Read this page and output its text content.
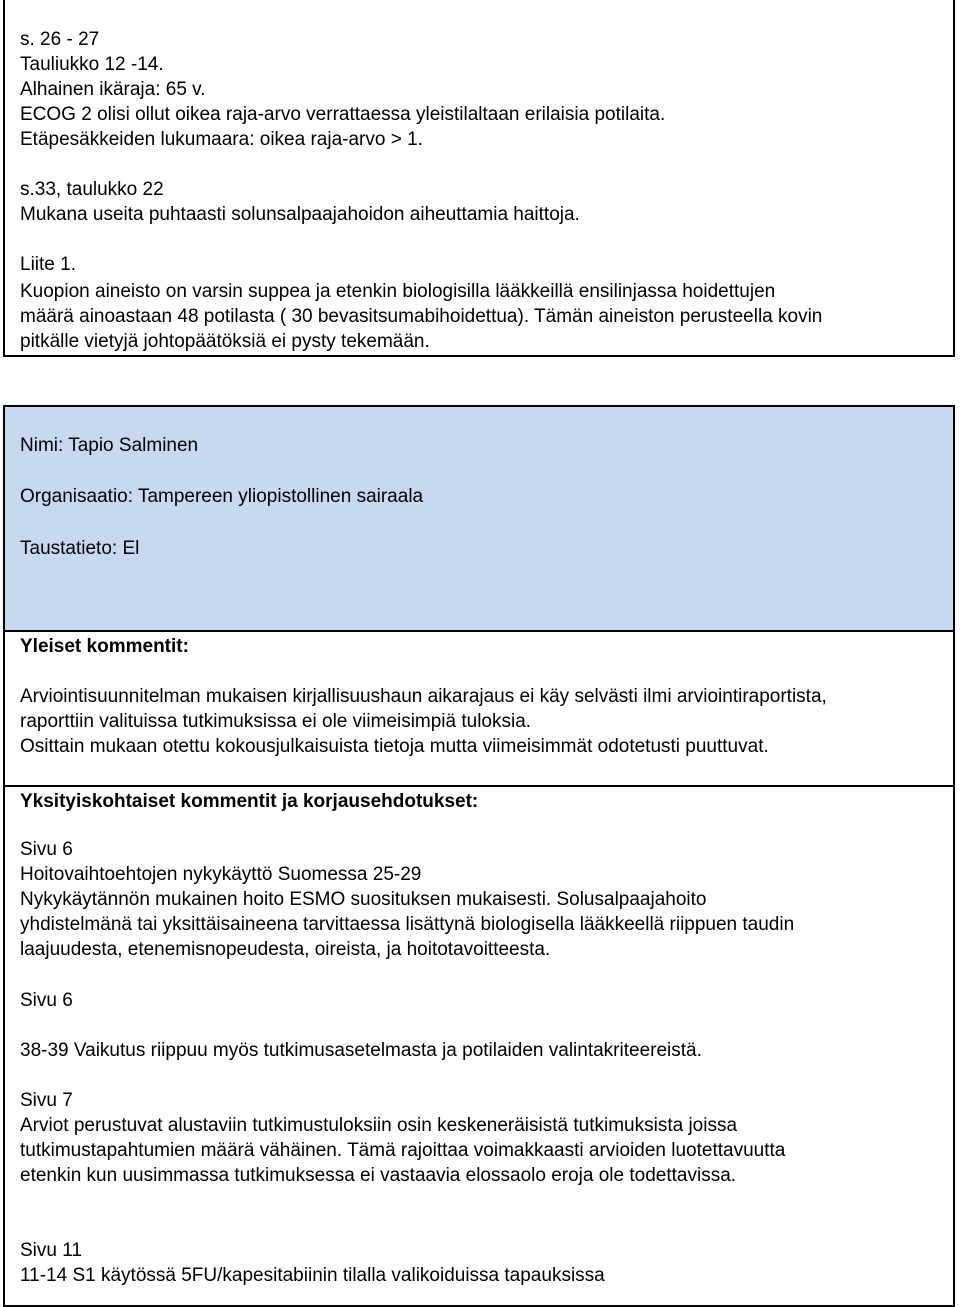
s. 26 - 27
Tauliukko 12 -14.
Alhainen ikäraja: 65 v.
ECOG 2 olisi ollut oikea raja-arvo verrattaessa yleistilaltaan erilaisia potilaita.
Etäpesäkkeiden lukumaara: oikea raja-arvo > 1.
s.33, taulukko 22
Mukana useita puhtaasti solunsalpaajahoidon aiheuttamia haittoja.
Liite 1.
Kuopion aineisto on varsin suppea ja etenkin biologisilla lääkkeillä ensilinjassa hoidettujen
määrä ainoastaan 48 potilasta ( 30 bevasitsumabihoidettua). Tämän aineiston perusteella kovin
pitkälle vietyjä johtopäätöksiä ei pysty tekemään.
Nimi: Tapio Salminen
Organisaatio: Tampereen yliopistollinen sairaala
Taustatieto: El
Yleiset kommentit:
Arviointisuunnitelman mukaisen kirjallisuushaun aikarajaus ei käy selvästi ilmi arviointiraportista,
raporttiin valituissa tutkimuksissa ei ole viimeisimpiä tuloksia.
Osittain mukaan otettu kokousjulkaisuista tietoja mutta viimeisimmät odotetusti puuttuvat.
Yksityiskohtaiset kommentit ja korjausehdotukset:
Sivu 6
Hoitovaihtoehtojen nykykäyttö Suomessa 25-29
Nykykäytännön mukainen hoito ESMO suosituksen mukaisesti. Solusalpaajahoito
yhdistelmänä tai yksittäisaineena tarvittaessa lisättynä biologisella lääkkeellä riippuen taudin
laajuudesta, etenemisnopeudesta, oireista, ja hoitotavoitteesta.
Sivu 6
38-39 Vaikutus riippuu myös tutkimusasetelmasta ja potilaiden valintakriteereistä.
Sivu 7
Arviot perustuvat alustaviin tutkimustuloksiin osin keskeneräisistä tutkimuksista joissa
tutkimustapahtumien määrä vähäinen. Tämä rajoittaa voimakkaasti arvioiden luotettavuutta
etenkin kun uusimmassa tutkimuksessa ei vastaavia elossaolo eroja ole todettavissa.
Sivu 11
11-14 S1 käytössä 5FU/kapesitabiinin tilalla valikoiduissa tapauksissa
